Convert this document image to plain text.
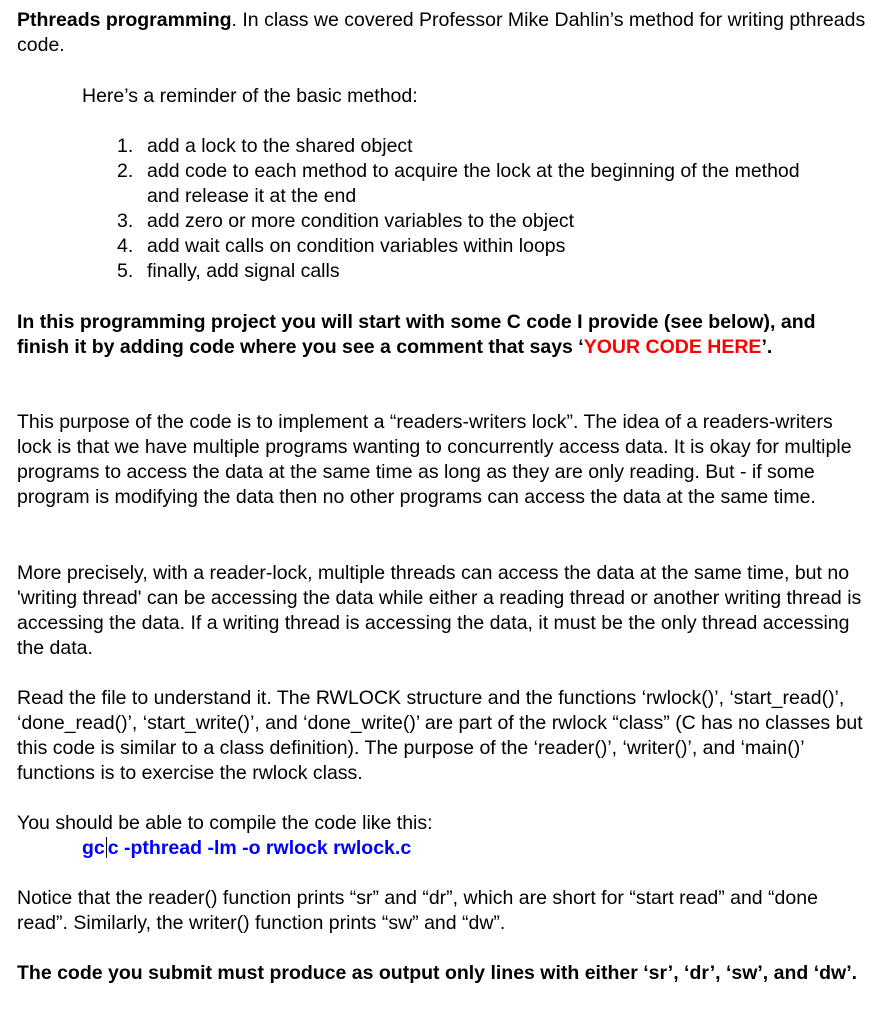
Pthreads programming. In class we covered Professor Mike Dahlin’s method for writing pthreads code.

Here’s a reminder of the basic method:

1. add a lock to the shared object
2. add code to each method to acquire the lock at the beginning of the method and release it at the end
3. add zero or more condition variables to the object
4. add wait calls on condition variables within loops
5. finally, add signal calls

In this programming project you will start with some C code I provide (see below), and finish it by adding code where you see a comment that says ‘YOUR CODE HERE’.

This purpose of the code is to implement a “readers-writers lock”. The idea of a readers-writers lock is that we have multiple programs wanting to concurrently access data. It is okay for multiple programs to access the data at the same time as long as they are only reading. But - if some program is modifying the data then no other programs can access the data at the same time.

More precisely, with a reader-lock, multiple threads can access the data at the same time, but no 'writing thread' can be accessing the data while either a reading thread or another writing thread is accessing the data. If a writing thread is accessing the data, it must be the only thread accessing the data.

Read the file to understand it. The RWLOCK structure and the functions ‘rwlock()’, ‘start_read()’, ‘done_read()’, ‘start_write()’, and ‘done_write()’ are part of the rwlock “class” (C has no classes but this code is similar to a class definition). The purpose of the ‘reader()’, ‘writer()’, and ‘main()’ functions is to exercise the rwlock class.

You should be able to compile the code like this:

gc c -pthread -lm -o rwlock rwlock.c

Notice that the reader() function prints “sr” and “dr”, which are short for “start read” and “done read”. Similarly, the writer() function prints “sw” and “dw”.

The code you submit must produce as output only lines with either ‘sr’, ‘dr’, ‘sw’, and ‘dw’.
